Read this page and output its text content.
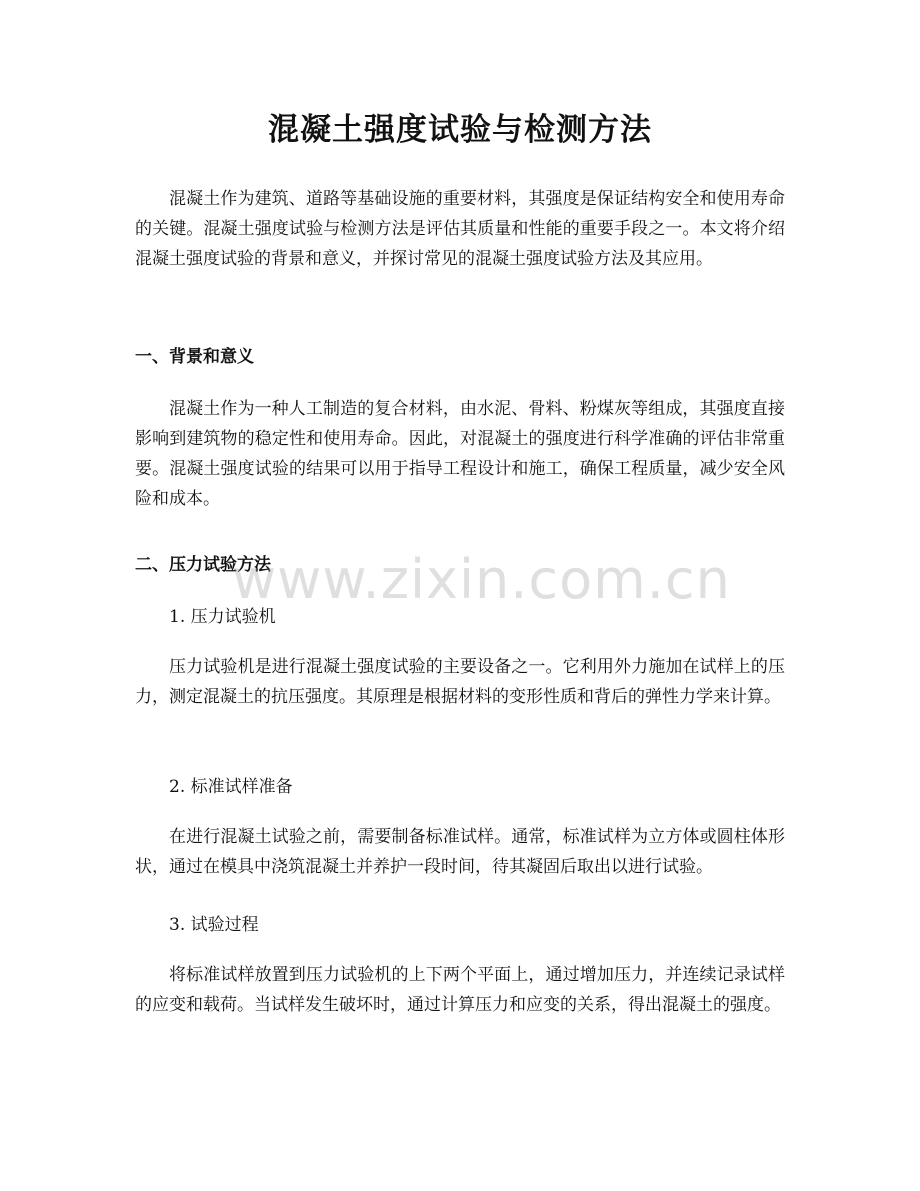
混凝土强度试验与检测方法
混凝土作为建筑、道路等基础设施的重要材料，其强度是保证结构安全和使用寿命的关键。混凝土强度试验与检测方法是评估其质量和性能的重要手段之一。本文将介绍混凝土强度试验的背景和意义，并探讨常见的混凝土强度试验方法及其应用。
一、背景和意义
混凝土作为一种人工制造的复合材料，由水泥、骨料、粉煤灰等组成，其强度直接影响到建筑物的稳定性和使用寿命。因此，对混凝土的强度进行科学准确的评估非常重要。混凝土强度试验的结果可以用于指导工程设计和施工，确保工程质量，减少安全风险和成本。
二、压力试验方法
1. 压力试验机
压力试验机是进行混凝土强度试验的主要设备之一。它利用外力施加在试样上的压力，测定混凝土的抗压强度。其原理是根据材料的变形性质和背后的弹性力学来计算。
2. 标准试样准备
在进行混凝土试验之前，需要制备标准试样。通常，标准试样为立方体或圆柱体形状，通过在模具中浇筑混凝土并养护一段时间，待其凝固后取出以进行试验。
3. 试验过程
将标准试样放置到压力试验机的上下两个平面上，通过增加压力，并连续记录试样的应变和载荷。当试样发生破坏时，通过计算压力和应变的关系，得出混凝土的强度。
www.zixin.com.cn
